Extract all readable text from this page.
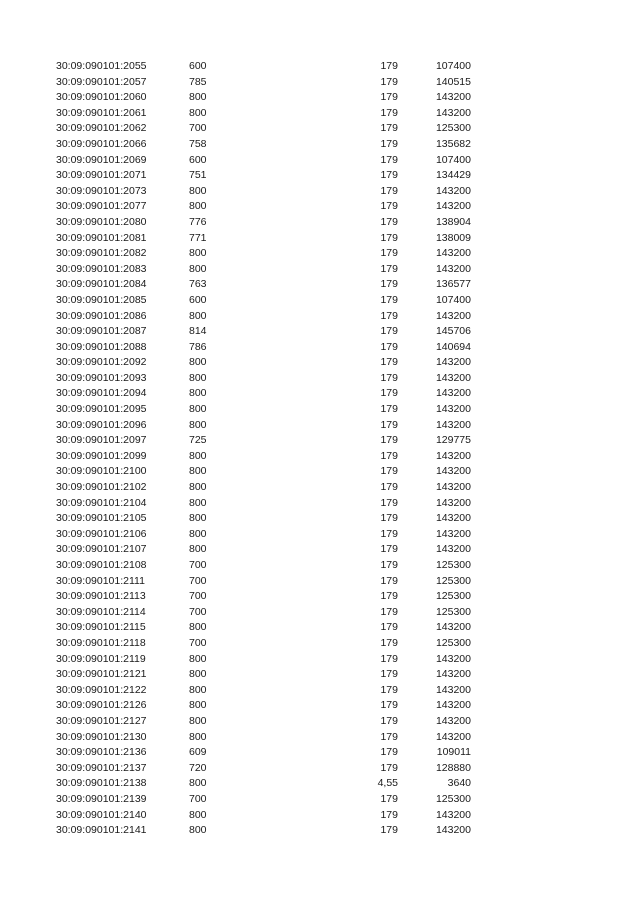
30:09:090101:2055	600	179	107400
30:09:090101:2057	785	179	140515
30:09:090101:2060	800	179	143200
30:09:090101:2061	800	179	143200
30:09:090101:2062	700	179	125300
30:09:090101:2066	758	179	135682
30:09:090101:2069	600	179	107400
30:09:090101:2071	751	179	134429
30:09:090101:2073	800	179	143200
30:09:090101:2077	800	179	143200
30:09:090101:2080	776	179	138904
30:09:090101:2081	771	179	138009
30:09:090101:2082	800	179	143200
30:09:090101:2083	800	179	143200
30:09:090101:2084	763	179	136577
30:09:090101:2085	600	179	107400
30:09:090101:2086	800	179	143200
30:09:090101:2087	814	179	145706
30:09:090101:2088	786	179	140694
30:09:090101:2092	800	179	143200
30:09:090101:2093	800	179	143200
30:09:090101:2094	800	179	143200
30:09:090101:2095	800	179	143200
30:09:090101:2096	800	179	143200
30:09:090101:2097	725	179	129775
30:09:090101:2099	800	179	143200
30:09:090101:2100	800	179	143200
30:09:090101:2102	800	179	143200
30:09:090101:2104	800	179	143200
30:09:090101:2105	800	179	143200
30:09:090101:2106	800	179	143200
30:09:090101:2107	800	179	143200
30:09:090101:2108	700	179	125300
30:09:090101:2111	700	179	125300
30:09:090101:2113	700	179	125300
30:09:090101:2114	700	179	125300
30:09:090101:2115	800	179	143200
30:09:090101:2118	700	179	125300
30:09:090101:2119	800	179	143200
30:09:090101:2121	800	179	143200
30:09:090101:2122	800	179	143200
30:09:090101:2126	800	179	143200
30:09:090101:2127	800	179	143200
30:09:090101:2130	800	179	143200
30:09:090101:2136	609	179	109011
30:09:090101:2137	720	179	128880
30:09:090101:2138	800	4,55	3640
30:09:090101:2139	700	179	125300
30:09:090101:2140	800	179	143200
30:09:090101:2141	800	179	143200
